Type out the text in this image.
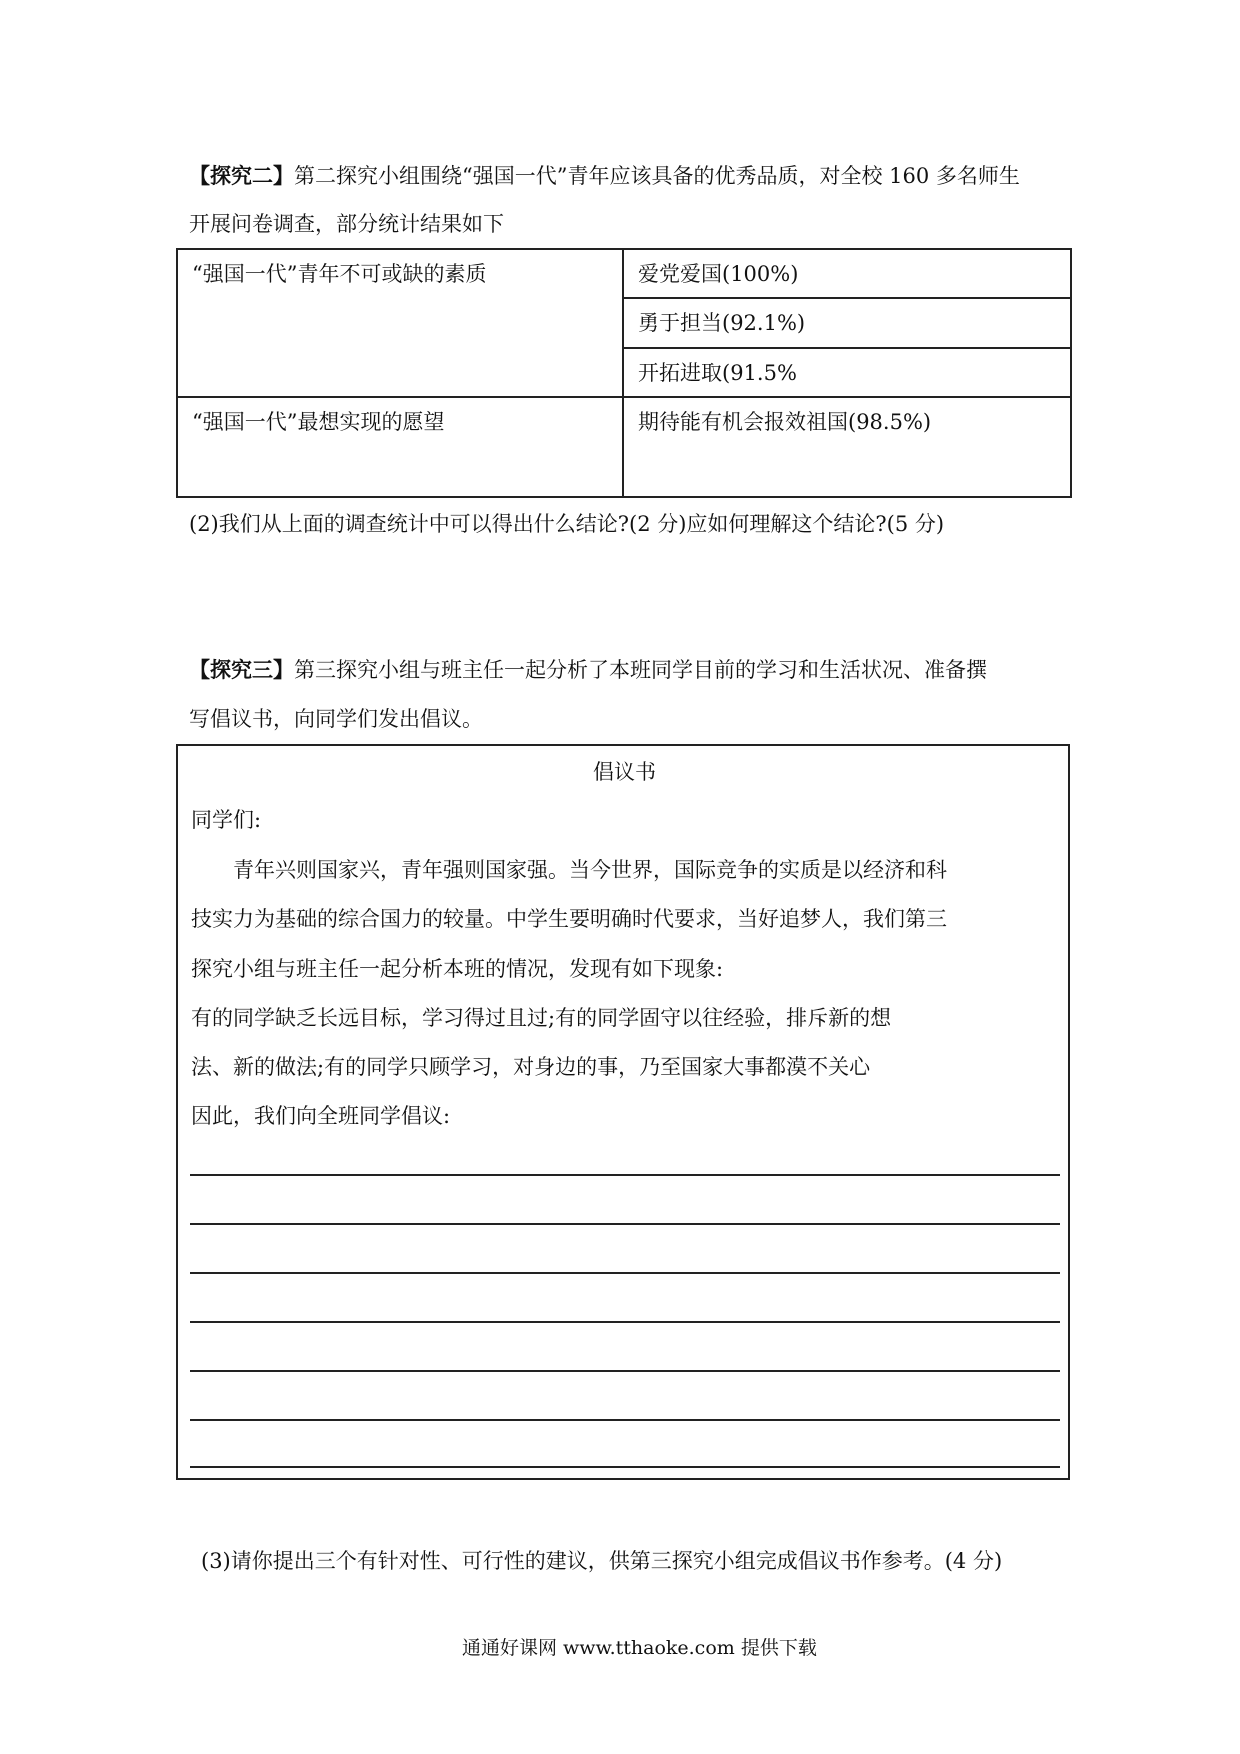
【探究二】第二探究小组围绕“强国一代”青年应该具备的优秀品质，对全校 160 多名师生
开展问卷调查，部分统计结果如下
“强国一代”青年不可或缺的素质	爱党爱国(100%)
	勇于担当(92.1%)
	开拓进取(91.5%
“强国一代”最想实现的愿望	期待能有机会报效祖国(98.5%)
(2)我们从上面的调查统计中可以得出什么结论?(2 分)应如何理解这个结论?(5 分)
【探究三】第三探究小组与班主任一起分析了本班同学目前的学习和生活状况、准备撰
写倡议书，向同学们发出倡议。
倡议书
同学们:
青年兴则国家兴，青年强则国家强。当今世界，国际竞争的实质是以经济和科
技实力为基础的综合国力的较量。中学生要明确时代要求，当好追梦人，我们第三
探究小组与班主任一起分析本班的情况，发现有如下现象:
有的同学缺乏长远目标，学习得过且过;有的同学固守以往经验，排斥新的想
法、新的做法;有的同学只顾学习，对身边的事，乃至国家大事都漠不关心
因此，我们向全班同学倡议:
(3)请你提出三个有针对性、可行性的建议，供第三探究小组完成倡议书作参考。(4 分)
通通好课网 www.tthaoke.com 提供下载
